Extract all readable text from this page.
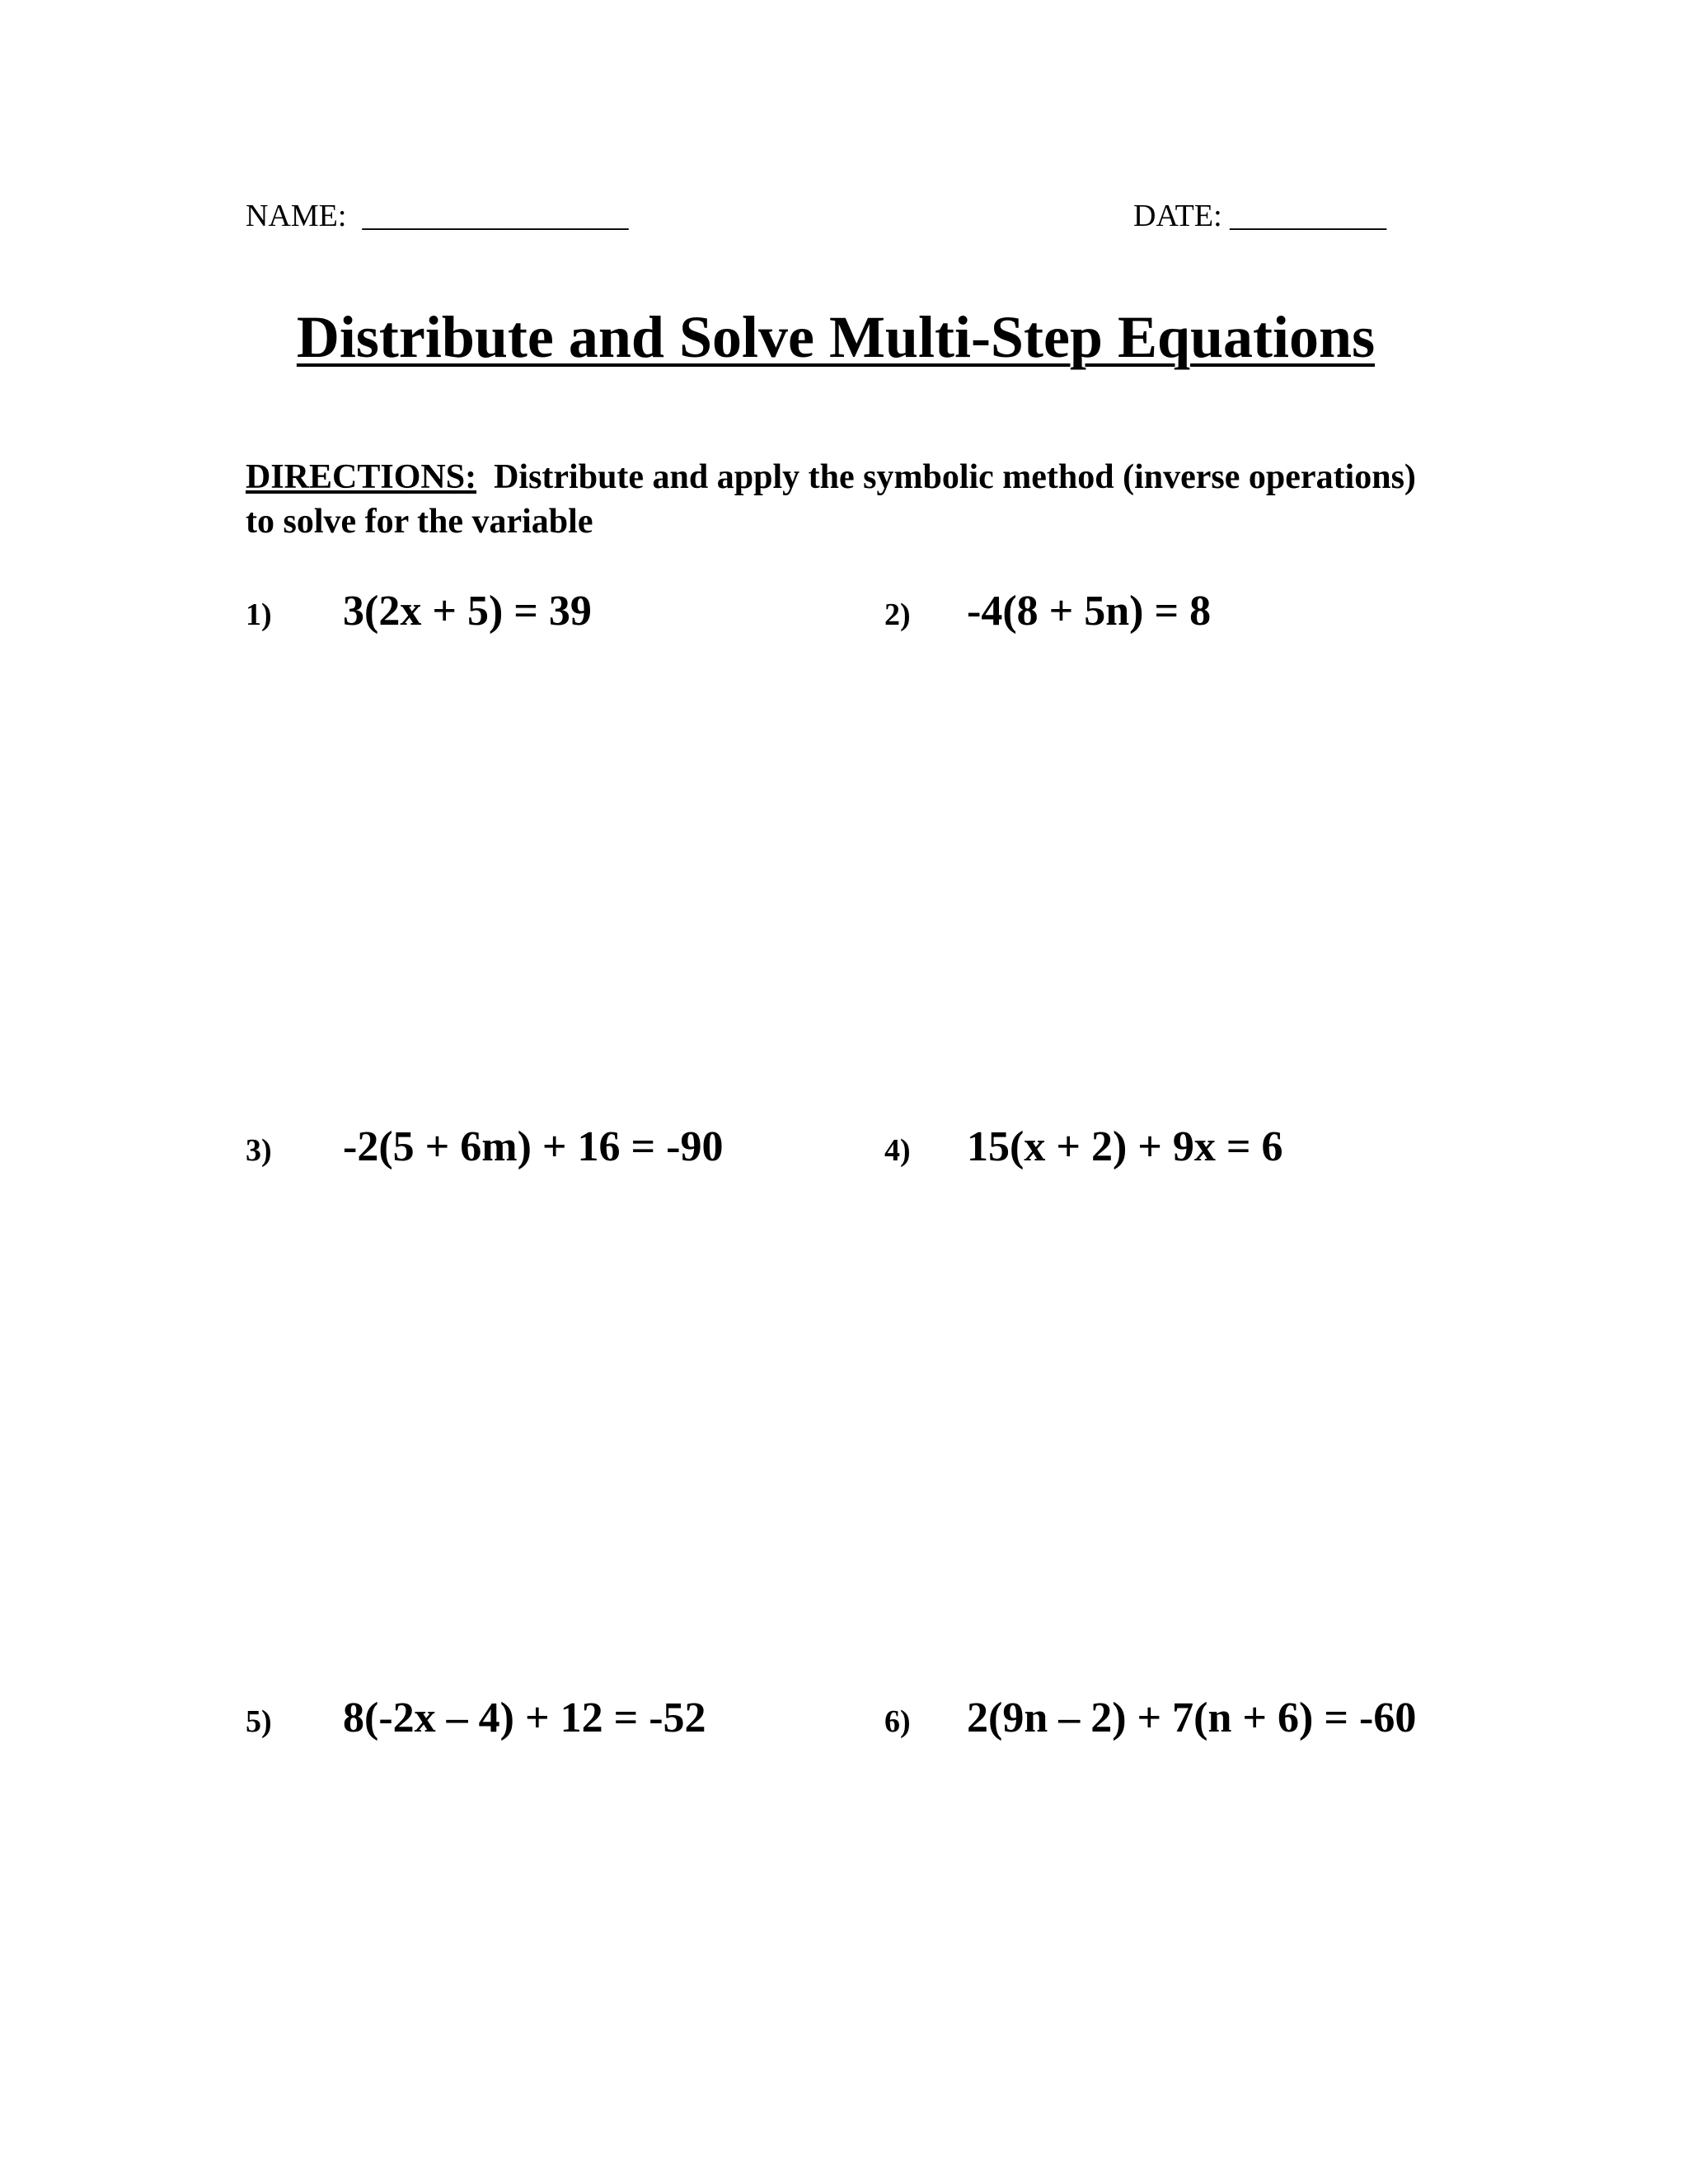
NAME: _________________	DATE: __________
Distribute and Solve Multi-Step Equations
DIRECTIONS: Distribute and apply the symbolic method (inverse operations) to solve for the variable
1) 3(2x + 5) = 39	2) -4(8 + 5n) = 8
3) -2(5 + 6m) + 16 = -90	4) 15(x + 2) + 9x = 6
5) 8(-2x – 4) + 12 = -52	6) 2(9n – 2) + 7(n + 6) = -60
